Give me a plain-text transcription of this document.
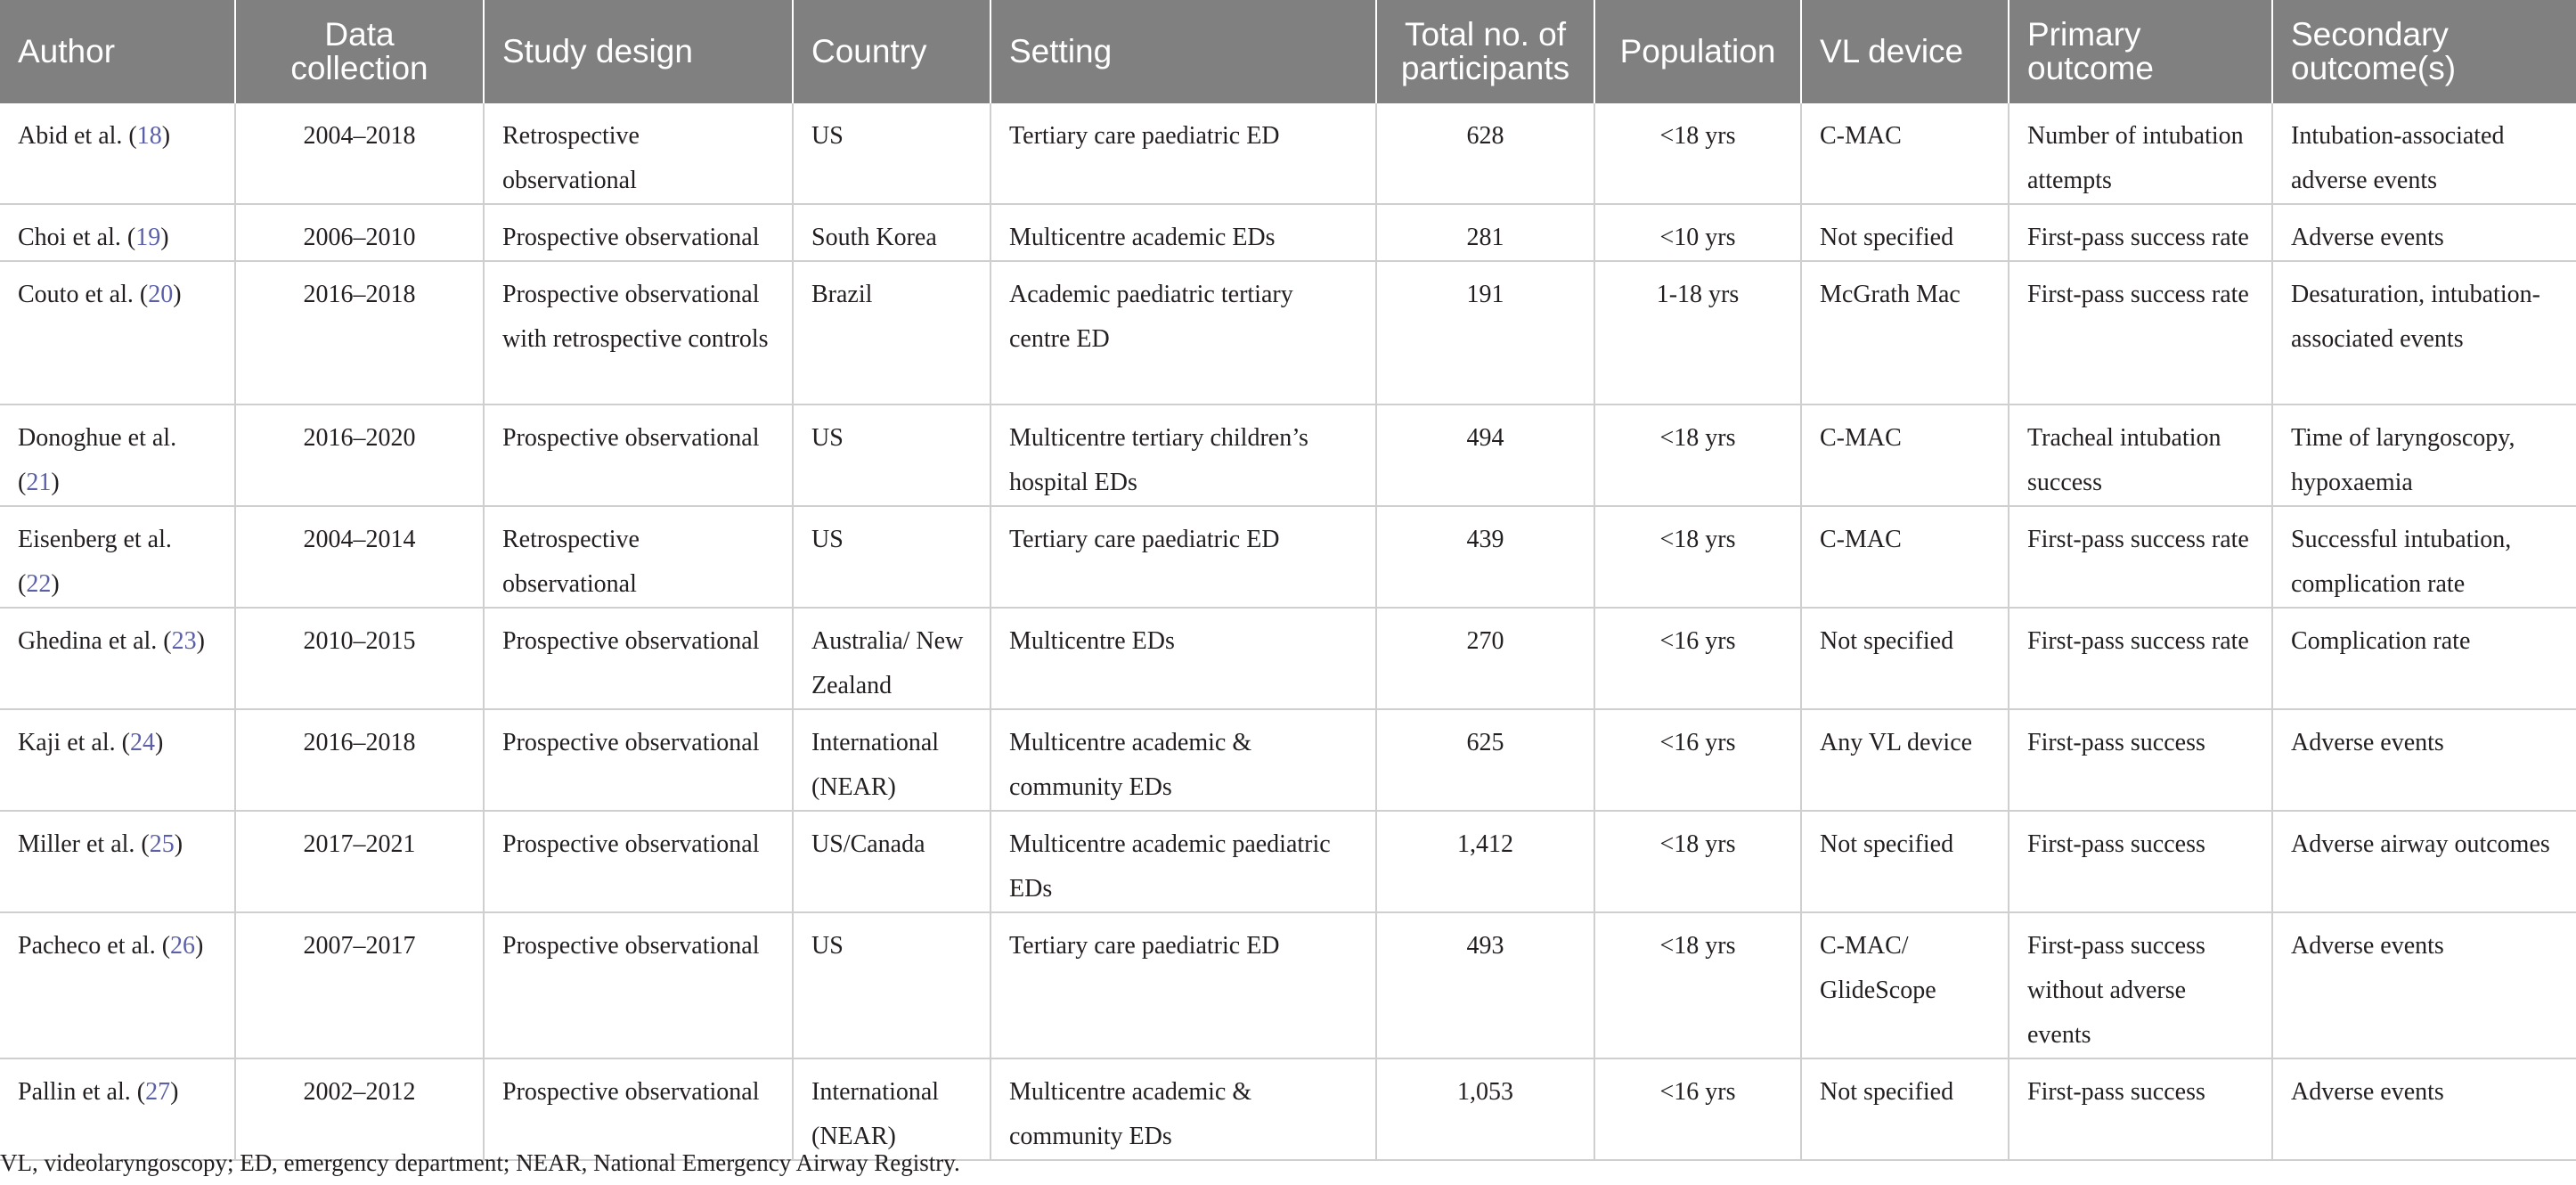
Author	Data collection	Study design	Country	Setting	Total no. of participants	Population	VL device	Primary outcome	Secondary outcome(s)
Abid et al. (18)	2004–2018	Retrospective observational	US	Tertiary care paediatric ED	628	<18 yrs	C-MAC	Number of intubation attempts	Intubation-associated adverse events
Choi et al. (19)	2006–2010	Prospective observational	South Korea	Multicentre academic EDs	281	<10 yrs	Not specified	First-pass success rate	Adverse events
Couto et al. (20)	2016–2018	Prospective observational with retrospective controls	Brazil	Academic paediatric tertiary centre ED	191	1-18 yrs	McGrath Mac	First-pass success rate	Desaturation, intubation-associated events
Donoghue et al. (21)	2016–2020	Prospective observational	US	Multicentre tertiary children’s hospital EDs	494	<18 yrs	C-MAC	Tracheal intubation success	Time of laryngoscopy, hypoxaemia
Eisenberg et al. (22)	2004–2014	Retrospective observational	US	Tertiary care paediatric ED	439	<18 yrs	C-MAC	First-pass success rate	Successful intubation, complication rate
Ghedina et al. (23)	2010–2015	Prospective observational	Australia/ New Zealand	Multicentre EDs	270	<16 yrs	Not specified	First-pass success rate	Complication rate
Kaji et al. (24)	2016–2018	Prospective observational	International (NEAR)	Multicentre academic & community EDs	625	<16 yrs	Any VL device	First-pass success	Adverse events
Miller et al. (25)	2017–2021	Prospective observational	US/Canada	Multicentre academic paediatric EDs	1,412	<18 yrs	Not specified	First-pass success	Adverse airway outcomes
Pacheco et al. (26)	2007–2017	Prospective observational	US	Tertiary care paediatric ED	493	<18 yrs	C-MAC/ GlideScope	First-pass success without adverse events	Adverse events
Pallin et al. (27)	2002–2012	Prospective observational	International (NEAR)	Multicentre academic & community EDs	1,053	<16 yrs	Not specified	First-pass success	Adverse events
VL, videolaryngoscopy; ED, emergency department; NEAR, National Emergency Airway Registry.
